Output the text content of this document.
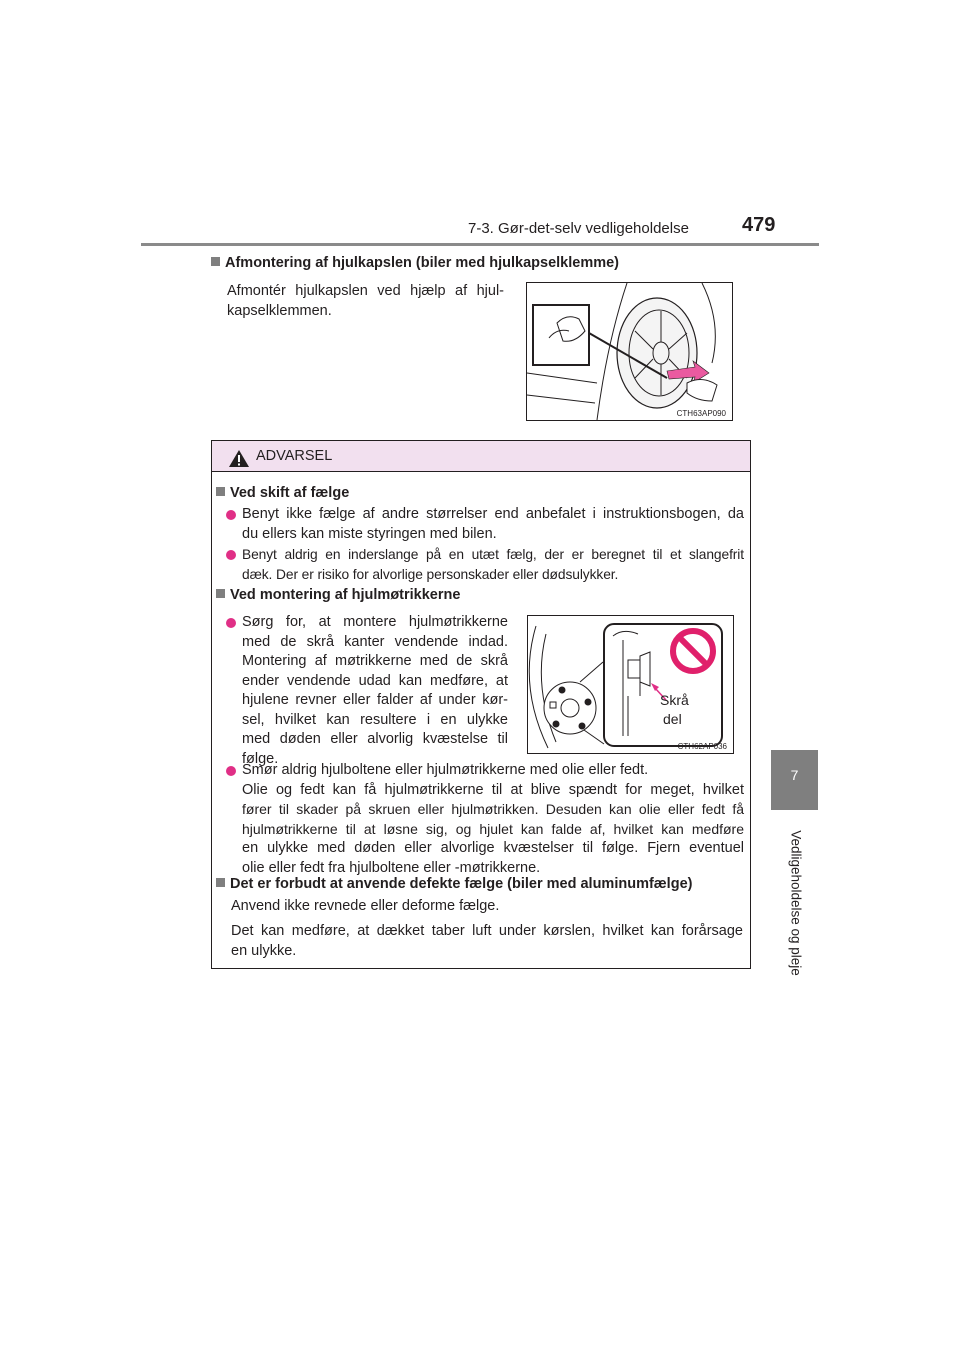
7-3. Gør-det-selv vedligeholdelse	479
7
Vedligeholdelse og pleje
Afmontering af hjulkapslen (biler med hjulkapselklemme)
Afmontér hjulkapslen ved hjælp af hjul-
kapselklemmen.
CTH63AP090
ADVARSEL
Ved skift af fælge
Benyt ikke fælge af andre størrelser end anbefalet i instruktionsbogen, da
du ellers kan miste styringen med bilen.
Benyt aldrig en inderslange på en utæt fælg, der er beregnet til et slangefrit
dæk. Der er risiko for alvorlige personskader eller dødsulykker.
Ved montering af hjulmøtrikkerne
Sørg for, at montere hjulmøtrikkerne
med de skrå kanter vendende indad.
Montering af møtrikkerne med de skrå
ender vendende udad kan medføre, at
hjulene revner eller falder af under kør-
sel, hvilket kan resultere i en ulykke
med døden eller alvorlig kvæstelse til
følge.
Skrå
del
CTH62AP036
Smør aldrig hjulboltene eller hjulmøtrikkerne med olie eller fedt.
Olie og fedt kan få hjulmøtrikkerne til at blive spændt for meget, hvilket
fører til skader på skruen eller hjulmøtrikken. Desuden kan olie eller fedt få
hjulmøtrikkerne til at løsne sig, og hjulet kan falde af, hvilket kan medføre
en ulykke med døden eller alvorlige kvæstelser til følge. Fjern eventuel
olie eller fedt fra hjulboltene eller -møtrikkerne.
Det er forbudt at anvende defekte fælge (biler med aluminumfælge)
Anvend ikke revnede eller deforme fælge.
Det kan medføre, at dækket taber luft under kørslen, hvilket kan forårsage
en ulykke.
